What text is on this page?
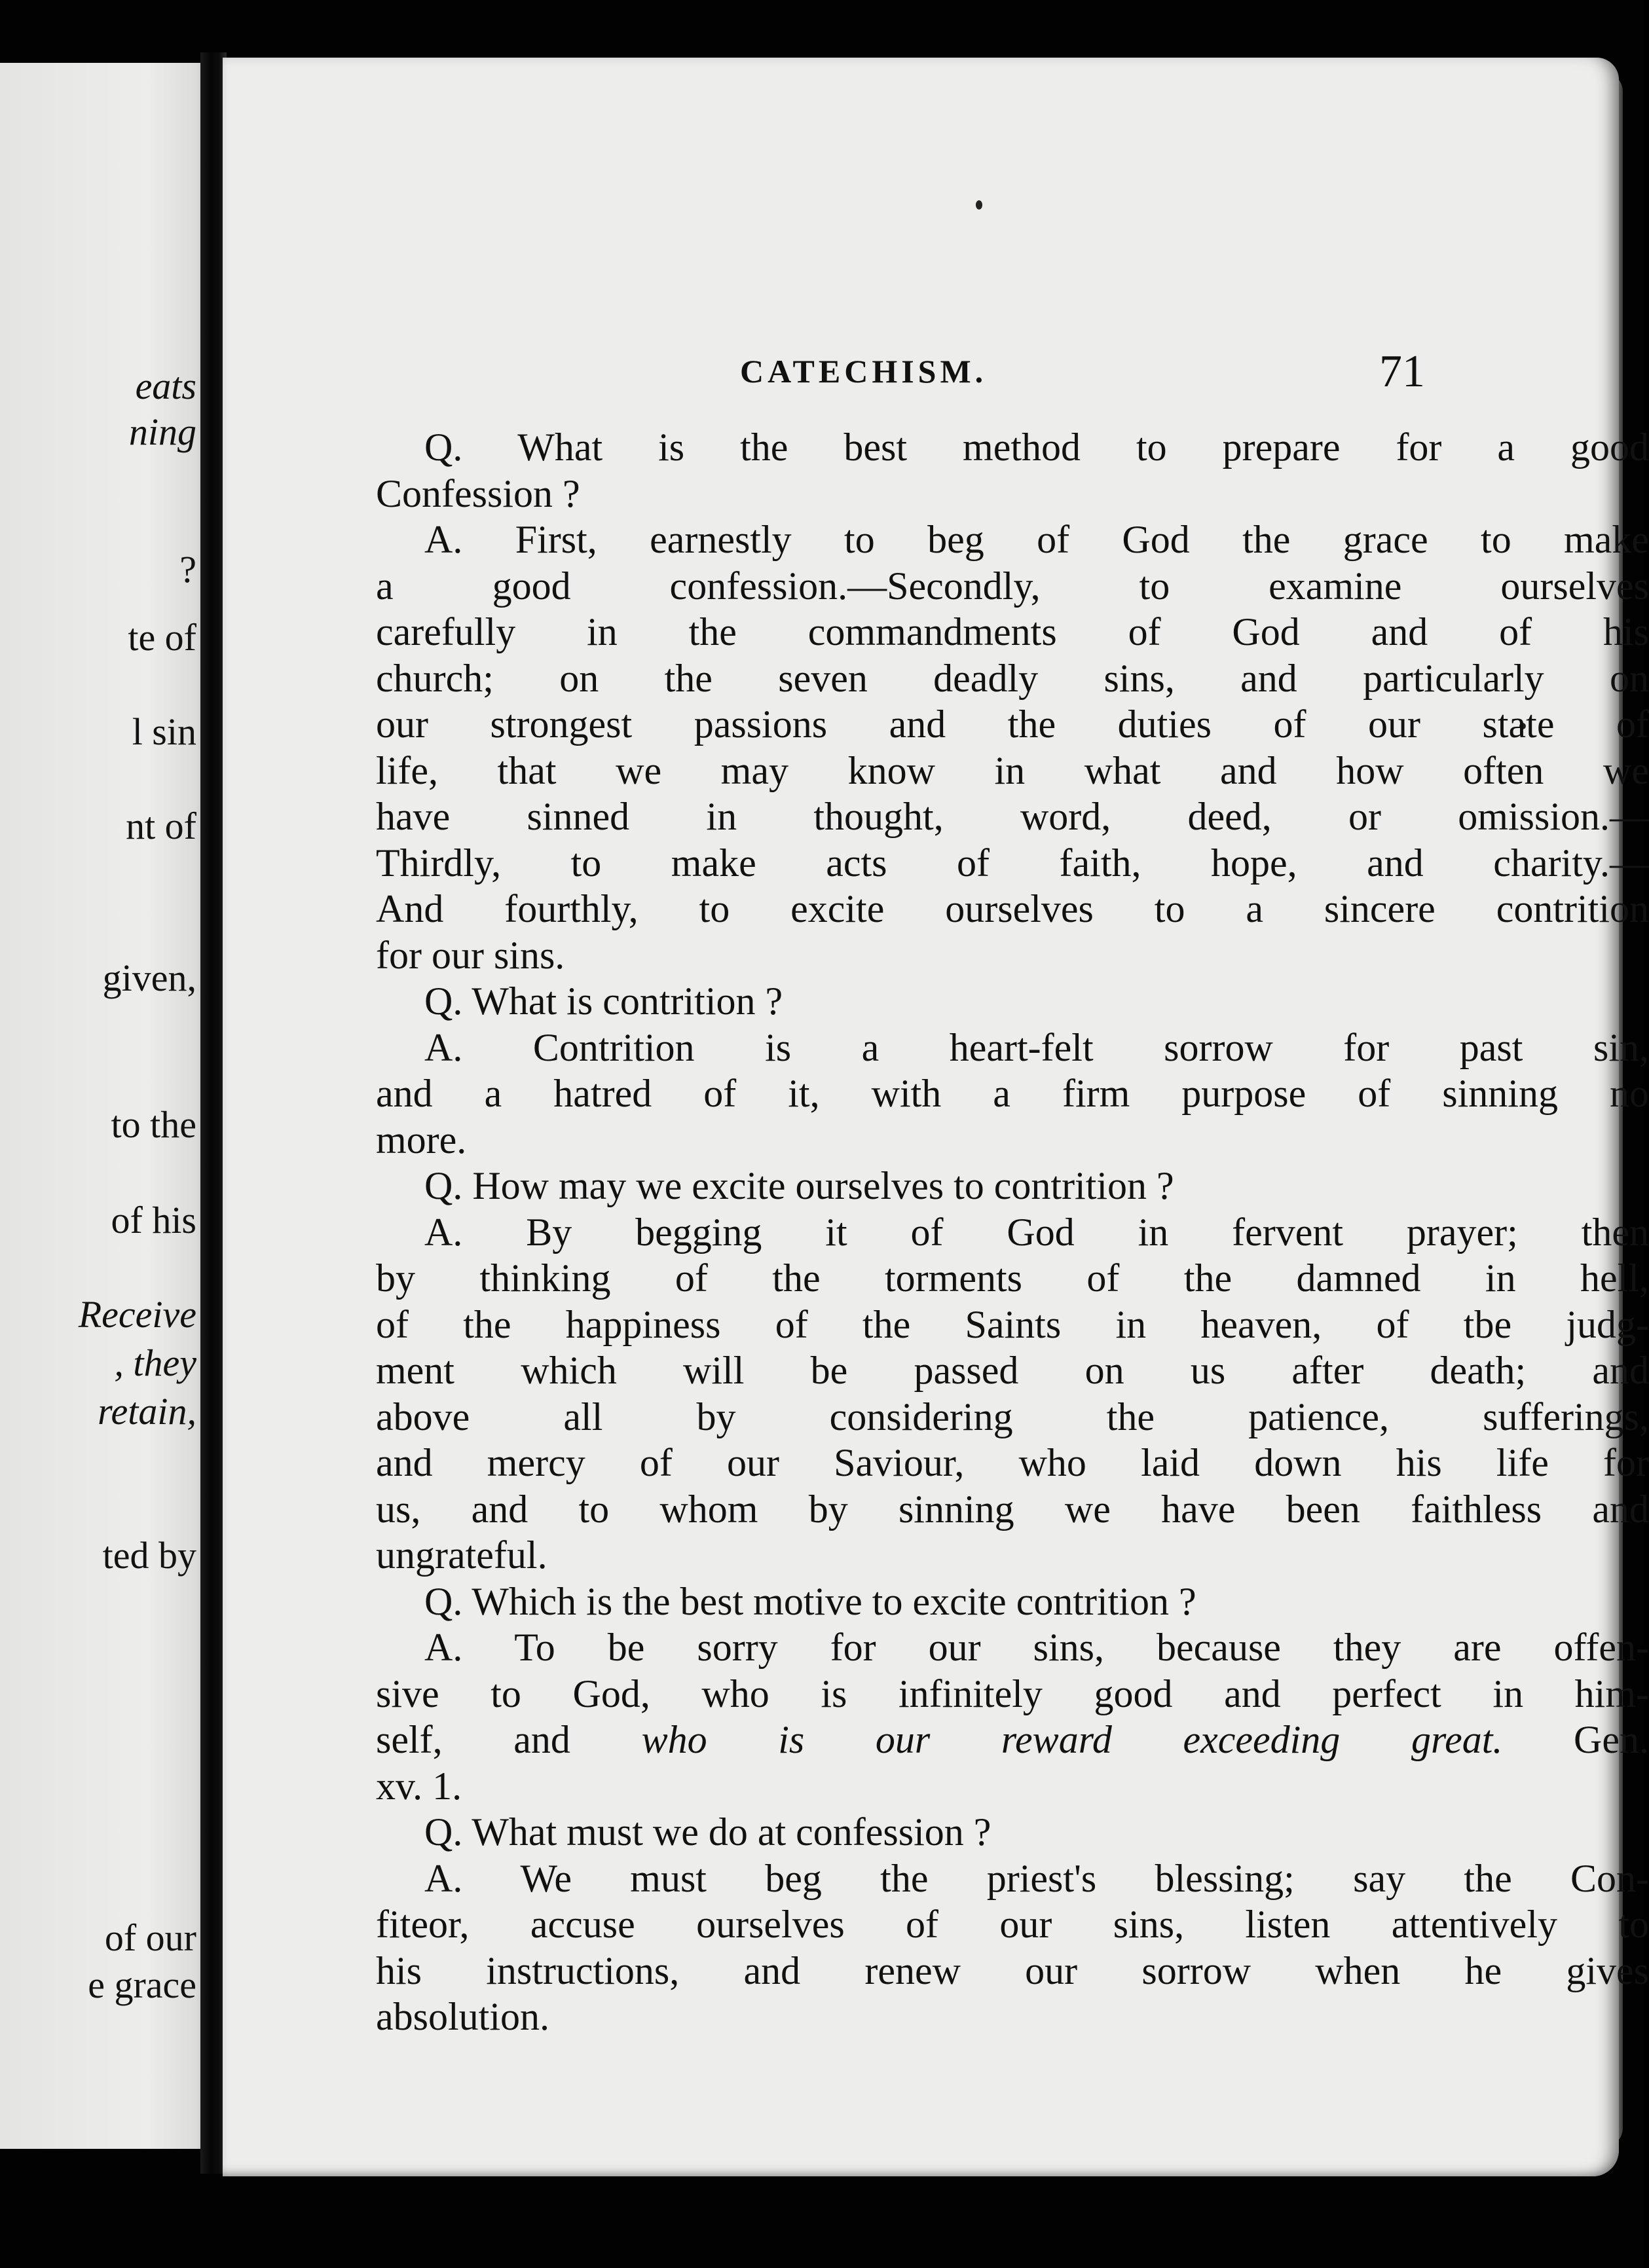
eats
ning
?
te of
l sin
nt of
given,
to the
of his
Receive
, they
retain,
ted by
of our
e grace
CATECHISM.	71
Q. What is the best method to prepare for a good
Confession ?
A. First, earnestly to beg of God the grace to make
a good confession.—Secondly, to examine ourselves
carefully in the commandments of God and of his
church; on the seven deadly sins, and particularly on
our strongest passions and the duties of our state of
life, that we may know in what and how often we
have sinned in thought, word, deed, or omission.—
Thirdly, to make acts of faith, hope, and charity.—
And fourthly, to excite ourselves to a sincere contrition
for our sins.
Q. What is contrition ?
A. Contrition is a heart-felt sorrow for past sin,
and a hatred of it, with a firm purpose of sinning no
more.
Q. How may we excite ourselves to contrition ?
A. By begging it of God in fervent prayer; then
by thinking of the torments of the damned in hell,
of the happiness of the Saints in heaven, of tbe judg-
ment which will be passed on us after death; and
above all by considering the patience, sufferings,
and mercy of our Saviour, who laid down his life for
us, and to whom by sinning we have been faithless and
ungrateful.
Q. Which is the best motive to excite contrition ?
A. To be sorry for our sins, because they are offen-
sive to God, who is infinitely good and perfect in him-
self, and who is our reward exceeding great. Gen.
xv. 1.
Q. What must we do at confession ?
A. We must beg the priest's blessing; say the Con-
fiteor, accuse ourselves of our sins, listen attentively to
his instructions, and renew our sorrow when he gives
absolution.
